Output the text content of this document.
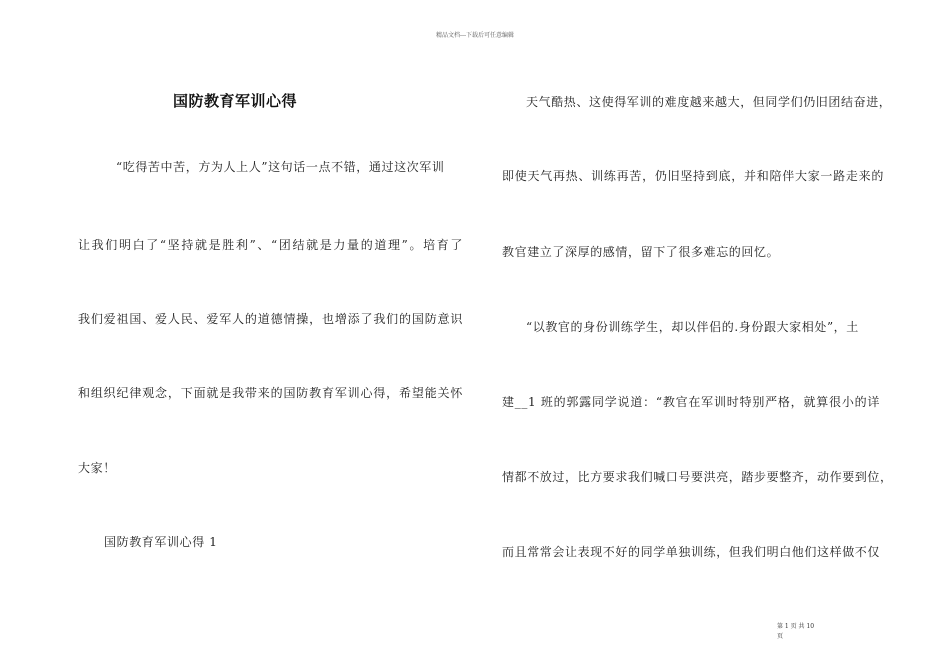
精品文档---下载后可任意编辑
国防教育军训心得
“吃得苦中苦，方为人上人”这句话一点不错，通过这次军训
让我们明白了“坚持就是胜利”、“团结就是力量的道理”。培育了
我们爱祖国、爱人民、爱军人的道德情操，也增添了我们的国防意识
和组织纪律观念，下面就是我带来的国防教育军训心得，希望能关怀
大家！
国防教育军训心得 1
天气酷热、这使得军训的难度越来越大，但同学们仍旧团结奋进，
即使天气再热、训练再苦，仍旧坚持到底，并和陪伴大家一路走来的
教官建立了深厚的感情，留下了很多难忘的回忆。
“以教官的身份训练学生，却以伴侣的.身份跟大家相处”，土
建__1 班的郭露同学说道：“教官在军训时特别严格，就算很小的详
情都不放过，比方要求我们喊口号要洪亮，踏步要整齐，动作要到位，
而且常常会让表现不好的同学单独训练，但我们明白他们这样做不仅
第 1 页 共 10
页
